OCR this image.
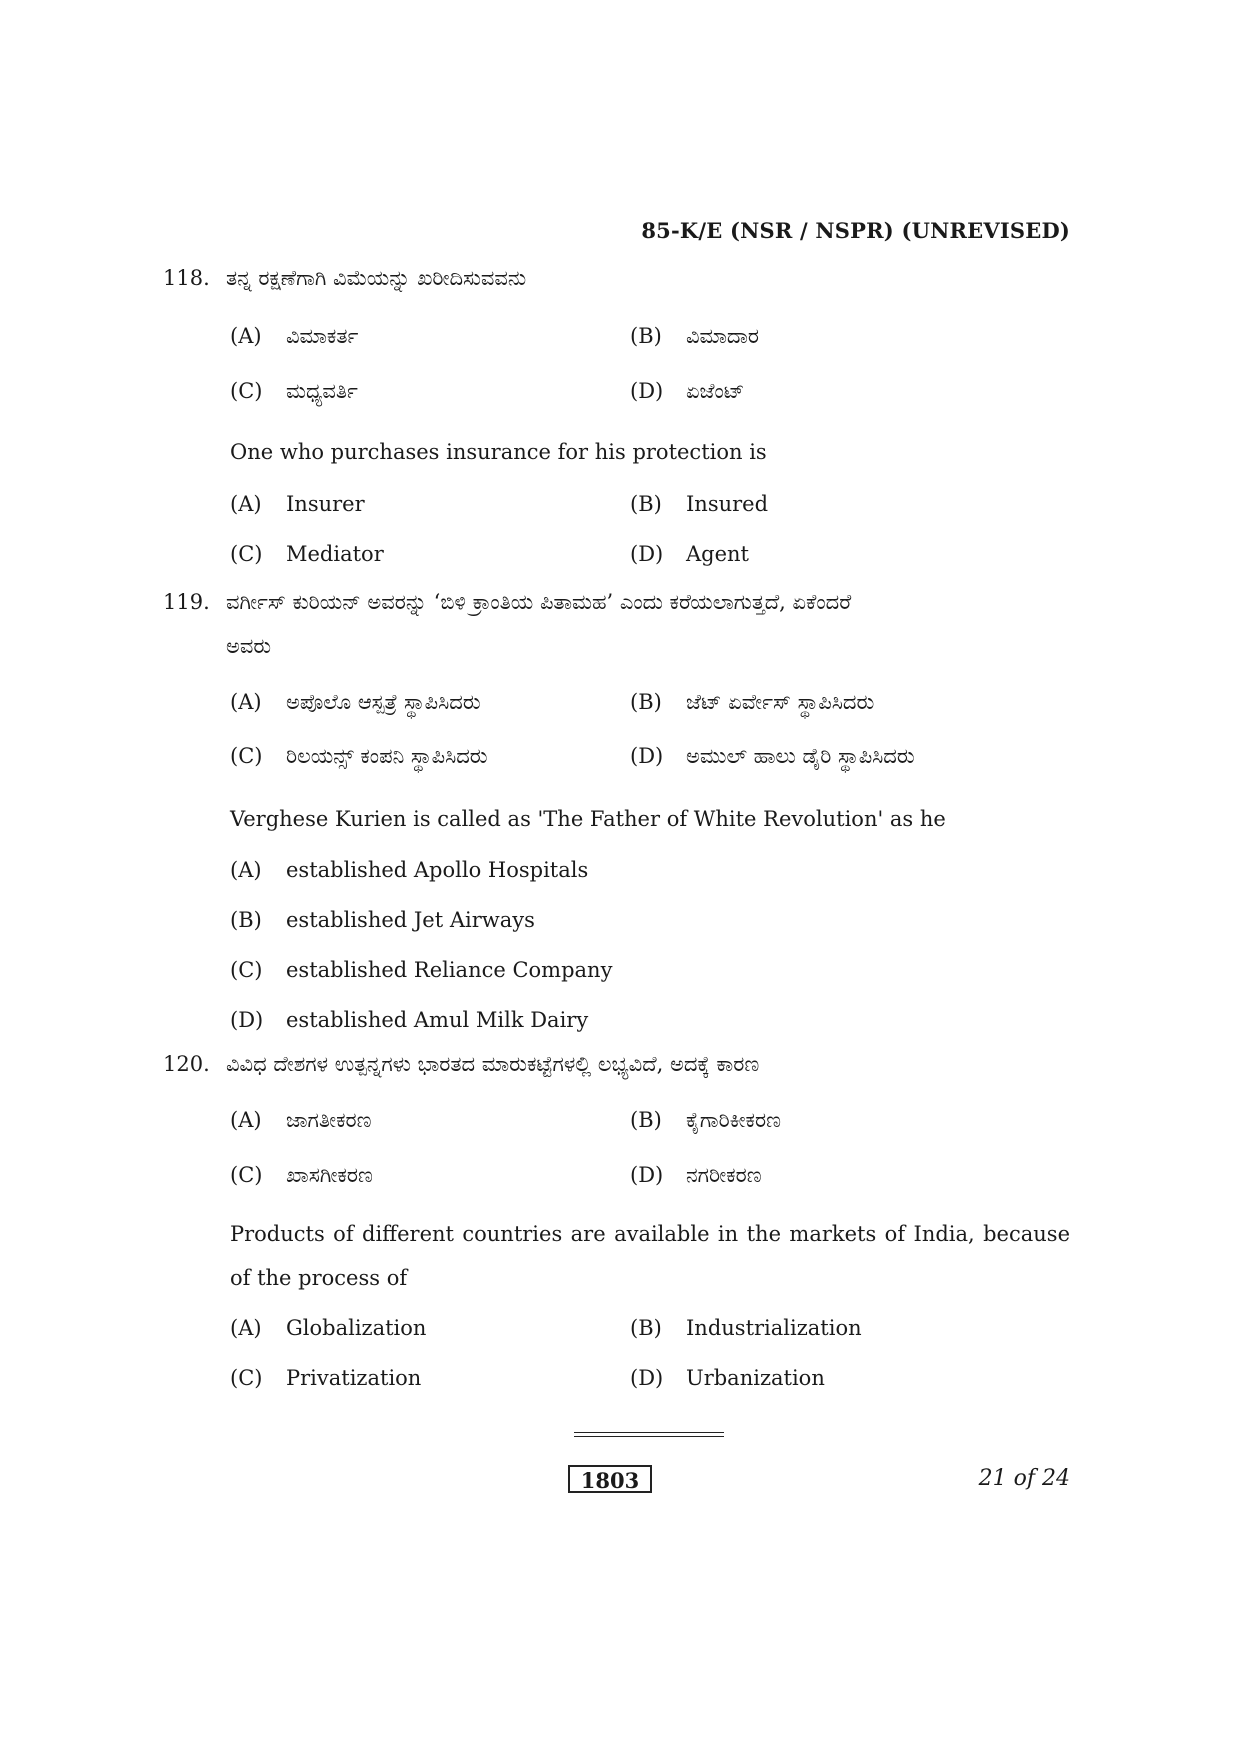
85-K/E (NSR / NSPR) (UNREVISED)
118. ತನ್ನ ರಕ್ಷಣೆಗಾಗಿ ವಿಮೆಯನ್ನು ಖರೀದಿಸುವವನು
(A) ವಿಮಾಕರ್ತ	(B) ವಿಮಾದಾರ
(C) ಮಧ್ಯವರ್ತಿ	(D) ಏಜೆಂಟ್
One who purchases insurance for his protection is
(A) Insurer	(B) Insured
(C) Mediator	(D) Agent
119. ವರ್ಗೀಸ್ ಕುರಿಯನ್ ಅವರನ್ನು ‘ಬಿಳಿ ಕ್ರಾಂತಿಯ ಪಿತಾಮಹ’ ಎಂದು ಕರೆಯಲಾಗುತ್ತದೆ, ಏಕೆಂದರೆ
ಅವರು
(A) ಅಪೊಲೊ ಆಸ್ಪತ್ರೆ ಸ್ಥಾಪಿಸಿದರು	(B) ಜೆಟ್ ಏರ್ವೇಸ್ ಸ್ಥಾಪಿಸಿದರು
(C) ರಿಲಯನ್ಸ್ ಕಂಪನಿ ಸ್ಥಾಪಿಸಿದರು	(D) ಅಮುಲ್ ಹಾಲು ಡೈರಿ ಸ್ಥಾಪಿಸಿದರು
Verghese Kurien is called as 'The Father of White Revolution' as he
(A) established Apollo Hospitals
(B) established Jet Airways
(C) established Reliance Company
(D) established Amul Milk Dairy
120. ವಿವಿಧ ದೇಶಗಳ ಉತ್ಪನ್ನಗಳು ಭಾರತದ ಮಾರುಕಟ್ಟೆಗಳಲ್ಲಿ ಲಭ್ಯವಿದೆ, ಅದಕ್ಕೆ ಕಾರಣ
(A) ಜಾಗತೀಕರಣ	(B) ಕೈಗಾರಿಕೀಕರಣ
(C) ಖಾಸಗೀಕರಣ	(D) ನಗರೀಕರಣ
Products of different countries are available in the markets of India, because of the process of
(A) Globalization	(B) Industrialization
(C) Privatization	(D) Urbanization
1803	21 of 24
